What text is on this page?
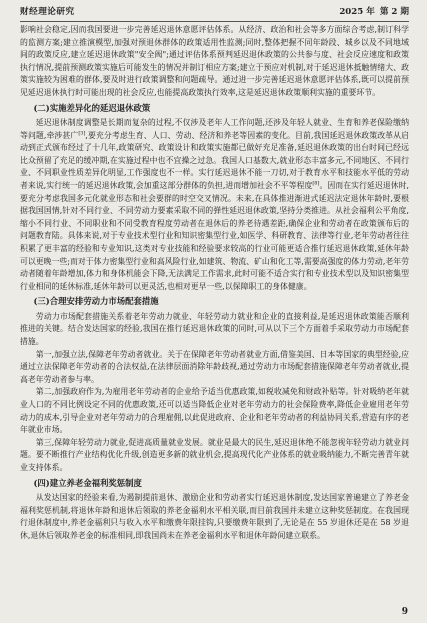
财经理论研究	2025 年 第 2 期

影响社会稳定,因而我国要进一步完善延迟退休意愿评估体系。从经济、政治和社会等多方面综合考虑,制订科学的监测方案;建立推演模型,加强对预退休群体的政策适用性监测;同时,整体把握不同年龄段、城乡以及不同地域间的政策反应,建立延迟退休政策"安全阀";通过评估体系预判延迟退休政策的公共参与度、社会反应速度和政策执行情况,提前预测政策实施后可能发生的情况并制订相应方案;建立于预应对机制,对于延迟退休抵触情绪大、政策实施较为困难的群体,要及时进行政策调整和问题疏导。通过进一步完善延迟退休意愿评估体系,既可以提前预见延迟退休执行时可能出现的社会反应,也能提高政策执行效率,这是延迟退休政策顺利实施的重要环节。

(二)实施差异化的延迟退休政策

延迟退休制度调整是长期而复杂的过程,不仅涉及老年人工作问题,还涉及年轻人就业、生育和养老保险缴纳等问题,牵涉甚广[3],要充分考虑生育、人口、劳动、经济和养老等因素的变化。目前,我国延迟退休政策改革从启动到正式颁布经过了十几年,政策研究、政策设计和政策实施都已做好充足准备,延迟退休政策的出台时间已经远比众预留了充足的缓冲期,在实施过程中也不宜操之过急。我国人口基数大,就业形态丰富多元,不同地区、不同行业、不同职业性质差异化明显,工作强度也不一样。实行延迟退休不能一刀切,对于教育水平和技能水平低的劳动者来说,实行统一的延迟退休政策,会加重这部分群体的负担,进而增加社会不平等程度[8]。因而在实行延迟退休时,要充分考虑我国多元化就业形态和社会要群的时空交叉情况。未来,在具体推进渐进式延迟法定退休年龄时,要根据我国国情,针对不同行业、不同劳动力要素采取不同的弹性延迟退休政策,坚持分类推进。从社会福利公平角度,缩小不同行业、不同职业和不同受教育程度劳动者在退休后的养老待遇差距,确保企业和劳动者在政策颁布后的问题教育陆。具体来说,对于专业技术型行业和知识密集型行业,如医学、科研教育、法律等行业,老年劳动者往往积累了更丰富的经验和专业知识,这类对专业技能和经验要求较高的行业可能更适合推行延迟退休政策,延休年龄可以更晚一些;而对于体力密集型行业和高风险行业,如建筑、物流、矿山和化工等,需要高强度的体力劳动,老年劳动者随着年龄增加,体力和身体机能会下降,无法满足工作需求,此时可能不适合实行和专业技术型以及知识密集型行业相同的延休标准,延休年龄可以更灵活,也相对更早一些,以保障职工的身体健康。

(三)合理安排劳动力市场配套措施

劳动力市场配套措施关系着老年劳动力就业、年轻劳动力就业和企业的直接利益,是延迟退休政策能否顺利推进的关键。结合发达国家的经验,我国在推行延迟退休政策的同时,可从以下三个方面着手采取劳动力市场配套措施。

第一,加强立法,保障老年劳动者就业。关于在保障老年劳动者就业方面,借鉴美国、日本等国家的典型经验,应通过立法保障老年劳动者的合法权益,在法律层面消除年龄歧视,通过劳动力市场配套措施保障老年劳动者就业,提高老年劳动者参与率。

第二,加强政府作为,为雇用老年劳动者的企业给予适当优惠政策,如税收减免和财政补贴等。针对吸纳老年就业人口的不同比例设定不同的优惠政策,还可以适当降低企业对老年劳动力的社会保险费率,降低企业雇用老年劳动力的成本,引导企业对老年劳动力的合理雇佣,以此促进政府、企业和老年劳动者的利益协同关系,营造有序的老年就业市场。

第三,保障年轻劳动力就业,促进高质量就业发展。就业是最大的民生,延迟退休绝不能忽视年轻劳动力就业问题。要不断推行产业结构优化升级,创造更多新的就业机会,提高现代化产业体系的就业吸纳能力,不断完善青年就业支持体系。

(四)建立养老金福利奖惩制度

从发达国家的经验来看,为遏制提前退休、激励企业和劳动者实行延迟退休制度,发达国家普遍建立了养老金福利奖惩机制,将退休年龄和退休后领取的养老金福利水平相关联,而目前我国并未建立这种奖惩制度。在我国现行退休制度中,养老金福利只与收入水平和缴费年限挂钩,只要缴费年限到了,无论是在 55 岁退休还是在 58 岁退休,退休后领取养老金的标准相同,即我国尚未在养老金福利水平和退休年龄间建立联系。

9
